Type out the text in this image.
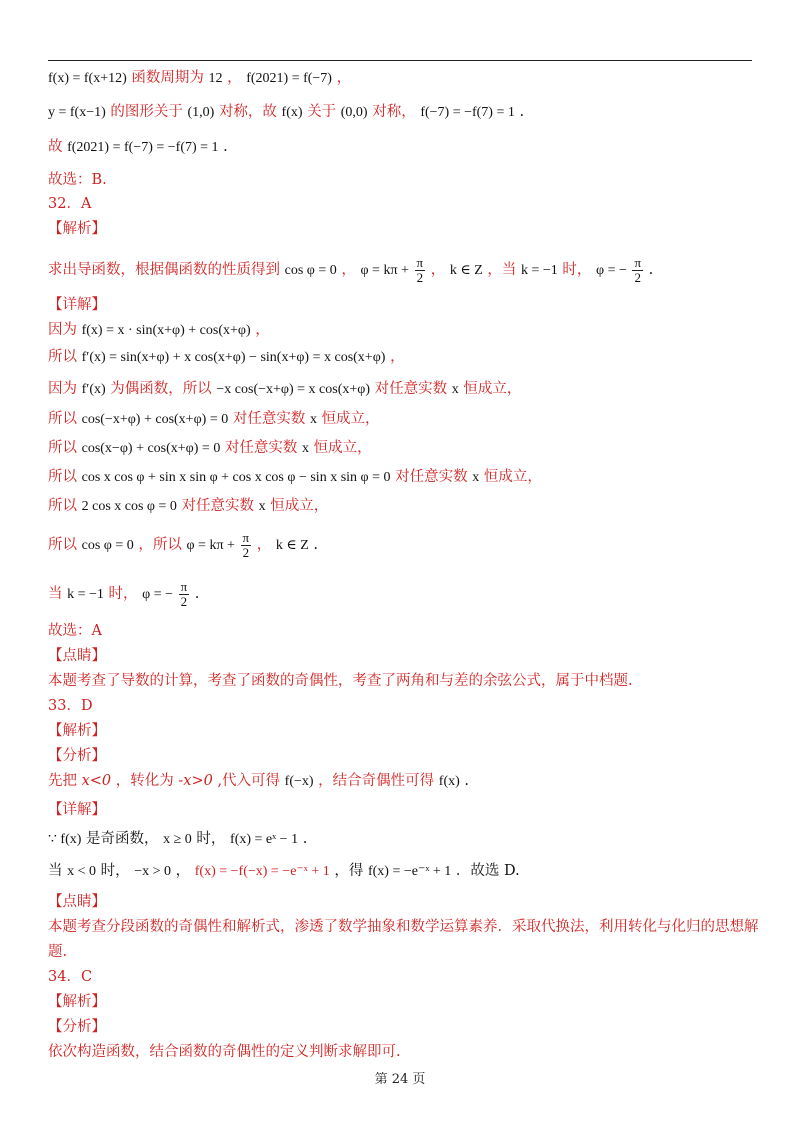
f(x) = f(x+12) 函数周期为 12 ， f(2021) = f(−7) ，
y = f(x−1) 的图形关于 (1,0) 对称，故 f(x) 关于 (0,0) 对称， f(−7) = −f(7) = 1 .
故 f(2021) = f(−7) = −f(7) = 1 .
故选：B.
32．A
【解析】
求出导函数，根据偶函数的性质得到 cos φ = 0 ， $\varphi = k\pi + \frac{\pi}{2}$ ， k ∈ Z ，当 k = −1 时， φ = − $\frac{\pi}{2}$ .
【详解】
因为 f(x) = x · sin(x+φ) + cos(x+φ) ，
所以 f′(x) = sin(x+φ) + x cos(x+φ) − sin(x+φ) = x cos(x+φ) ，
因为 f′(x) 为偶函数，所以 −x cos(−x+φ) = x cos(x+φ) 对任意实数 x 恒成立，
所以 cos(−x+φ) + cos(x+φ) = 0 对任意实数 x 恒成立，
所以 cos(x−φ) + cos(x+φ) = 0 对任意实数 x 恒成立，
所以 cos x cos φ + sin x sin φ + cos x cos φ − sin x sin φ = 0 对任意实数 x 恒成立，
所以 2 cos x cos φ = 0 对任意实数 x 恒成立，
所以 cos φ = 0 ，所以 $\varphi = k\pi + \frac{\pi}{2}$ ， k ∈ Z .
当 k = −1 时， φ = − $\frac{\pi}{2}$ .
故选：A
【点睛】
本题考查了导数的计算，考查了函数的奇偶性，考查了两角和与差的余弦公式，属于中档题.
33．D
【解析】
【分析】
先把 x<0 ，转化为 -x>0 ,代入可得 f(−x) ，结合奇偶性可得 f(x) .
【详解】
∵ f(x) 是奇函数， x ≥ 0 时， f(x) = eˣ − 1 .
当 x < 0 时， −x > 0 ， f(x) = −f(−x) = −e⁻ˣ + 1 ，得 f(x) = −e⁻ˣ + 1 ．故选 D.
【点睛】
本题考查分段函数的奇偶性和解析式，渗透了数学抽象和数学运算素养．采取代换法，利用转化与化归的思想解
题.
34．C
【解析】
【分析】
依次构造函数，结合函数的奇偶性的定义判断求解即可.
第 24 页
